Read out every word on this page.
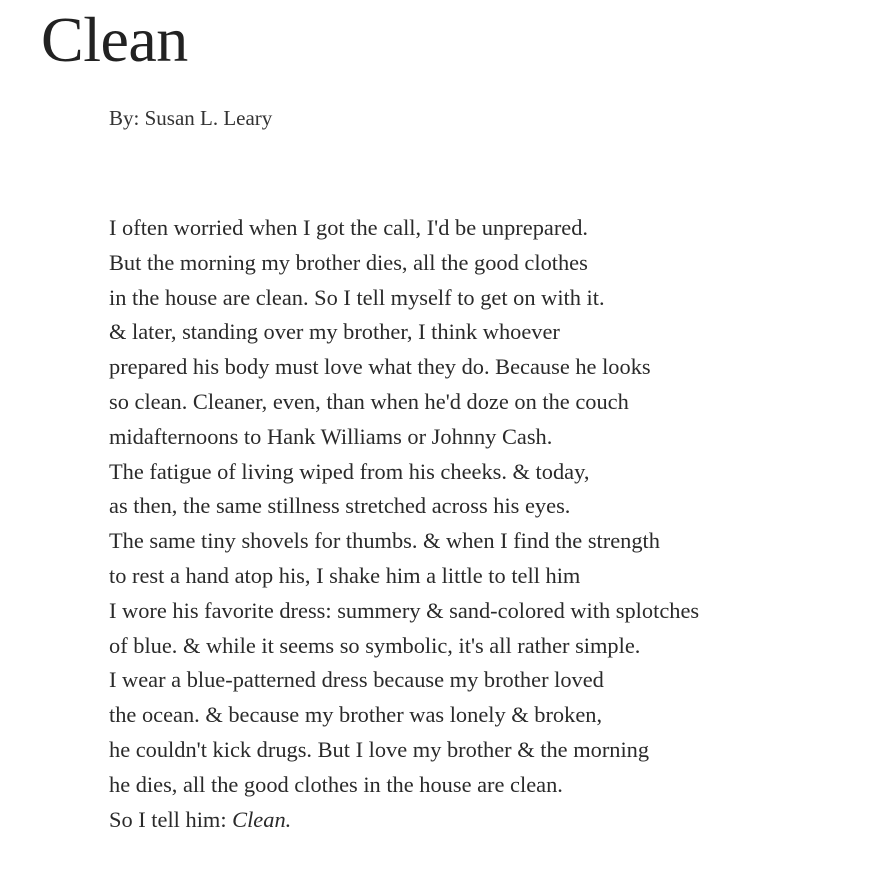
Clean

By: Susan L. Leary

I often worried when I got the call, I'd be unprepared.
But the morning my brother dies, all the good clothes
in the house are clean. So I tell myself to get on with it.
& later, standing over my brother, I think whoever
prepared his body must love what they do. Because he looks
so clean. Cleaner, even, than when he'd doze on the couch
midafternoons to Hank Williams or Johnny Cash.
The fatigue of living wiped from his cheeks. & today,
as then, the same stillness stretched across his eyes.
The same tiny shovels for thumbs. & when I find the strength
to rest a hand atop his, I shake him a little to tell him
I wore his favorite dress: summery & sand-colored with splotches
of blue. & while it seems so symbolic, it's all rather simple.
I wear a blue-patterned dress because my brother loved
the ocean. & because my brother was lonely & broken,
he couldn't kick drugs. But I love my brother & the morning
he dies, all the good clothes in the house are clean.
So I tell him: Clean.
